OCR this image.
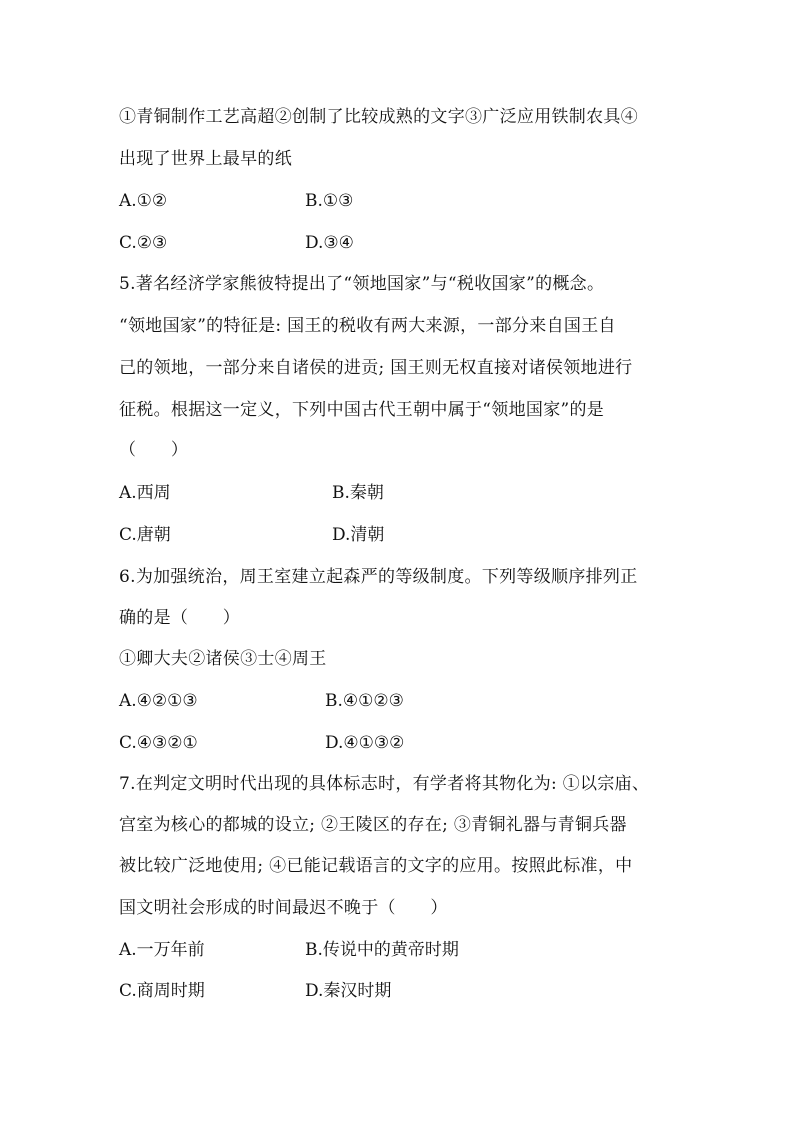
①青铜制作工艺高超②创制了比较成熟的文字③广泛应用铁制农具④
出现了世界上最早的纸
A.①②	B.①③
C.②③	D.③④
5.著名经济学家熊彼特提出了“领地国家”与“税收国家”的概念。
“领地国家”的特征是: 国王的税收有两大来源，一部分来自国王自
己的领地，一部分来自诸侯的进贡; 国王则无权直接对诸侯领地进行
征税。根据这一定义，下列中国古代王朝中属于“领地国家”的是
（　　）
A.西周	B.秦朝
C.唐朝	D.清朝
6.为加强统治，周王室建立起森严的等级制度。下列等级顺序排列正
确的是（　　）
①卿大夫②诸侯③士④周王
A.④②①③	B.④①②③
C.④③②①	D.④①③②
7.在判定文明时代出现的具体标志时，有学者将其物化为: ①以宗庙、
宫室为核心的都城的设立; ②王陵区的存在; ③青铜礼器与青铜兵器
被比较广泛地使用; ④已能记载语言的文字的应用。按照此标准，中
国文明社会形成的时间最迟不晚于（　　）
A.一万年前	B.传说中的黄帝时期
C.商周时期	D.秦汉时期
